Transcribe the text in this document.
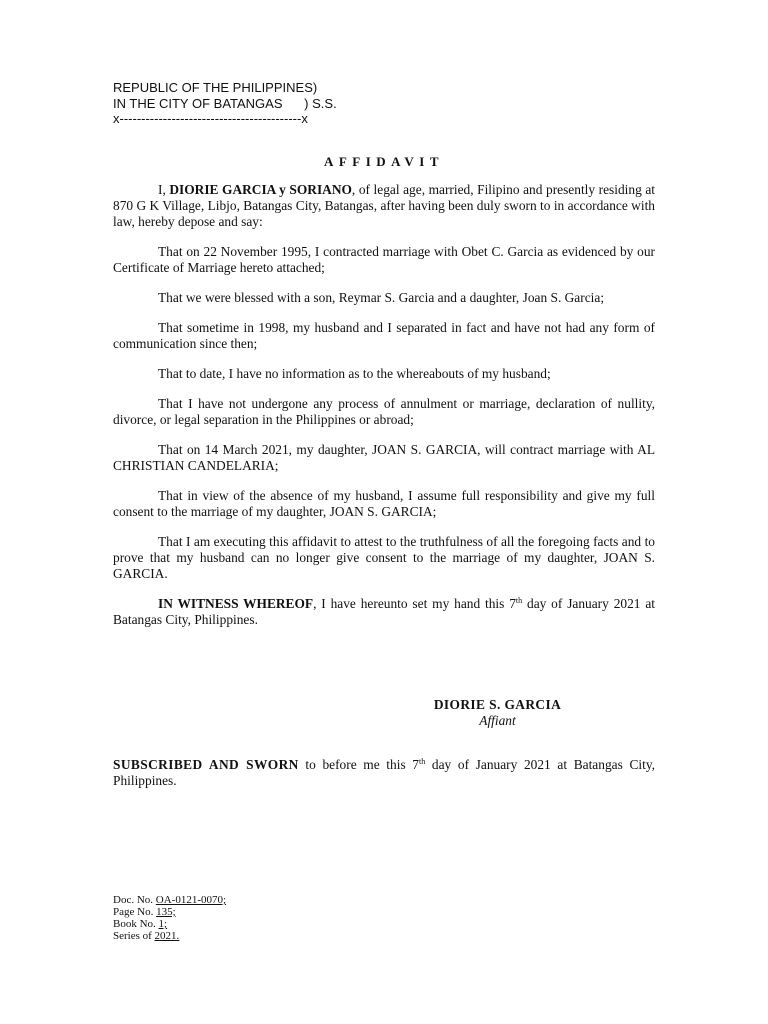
REPUBLIC OF THE PHILIPPINES)
IN THE CITY OF BATANGAS      ) S.S.
x------------------------------------------x
AFFIDAVIT

I, DIORIE GARCIA y SORIANO, of legal age, married, Filipino and presently residing at 870 G K Village, Libjo, Batangas City, Batangas, after having been duly sworn to in accordance with law, hereby depose and say:

That on 22 November 1995, I contracted marriage with Obet C. Garcia as evidenced by our Certificate of Marriage hereto attached;

That we were blessed with a son, Reymar S. Garcia and a daughter, Joan S. Garcia;

That sometime in 1998, my husband and I separated in fact and have not had any form of communication since then;

That to date, I have no information as to the whereabouts of my husband;

That I have not undergone any process of annulment or marriage, declaration of nullity, divorce, or legal separation in the Philippines or abroad;

That on 14 March 2021, my daughter, JOAN S. GARCIA, will contract marriage with AL CHRISTIAN CANDELARIA;

That in view of the absence of my husband, I assume full responsibility and give my full consent to the marriage of my daughter, JOAN S. GARCIA;

That I am executing this affidavit to attest to the truthfulness of all the foregoing facts and to prove that my husband can no longer give consent to the marriage of my daughter, JOAN S. GARCIA.

IN WITNESS WHEREOF, I have hereunto set my hand this 7th day of January 2021 at Batangas City, Philippines.

DIORIE S. GARCIA
Affiant

SUBSCRIBED AND SWORN to before me this 7th day of January 2021 at Batangas City, Philippines.

Doc. No. OA-0121-0070;
Page No. 135;
Book No. 1;
Series of 2021.
